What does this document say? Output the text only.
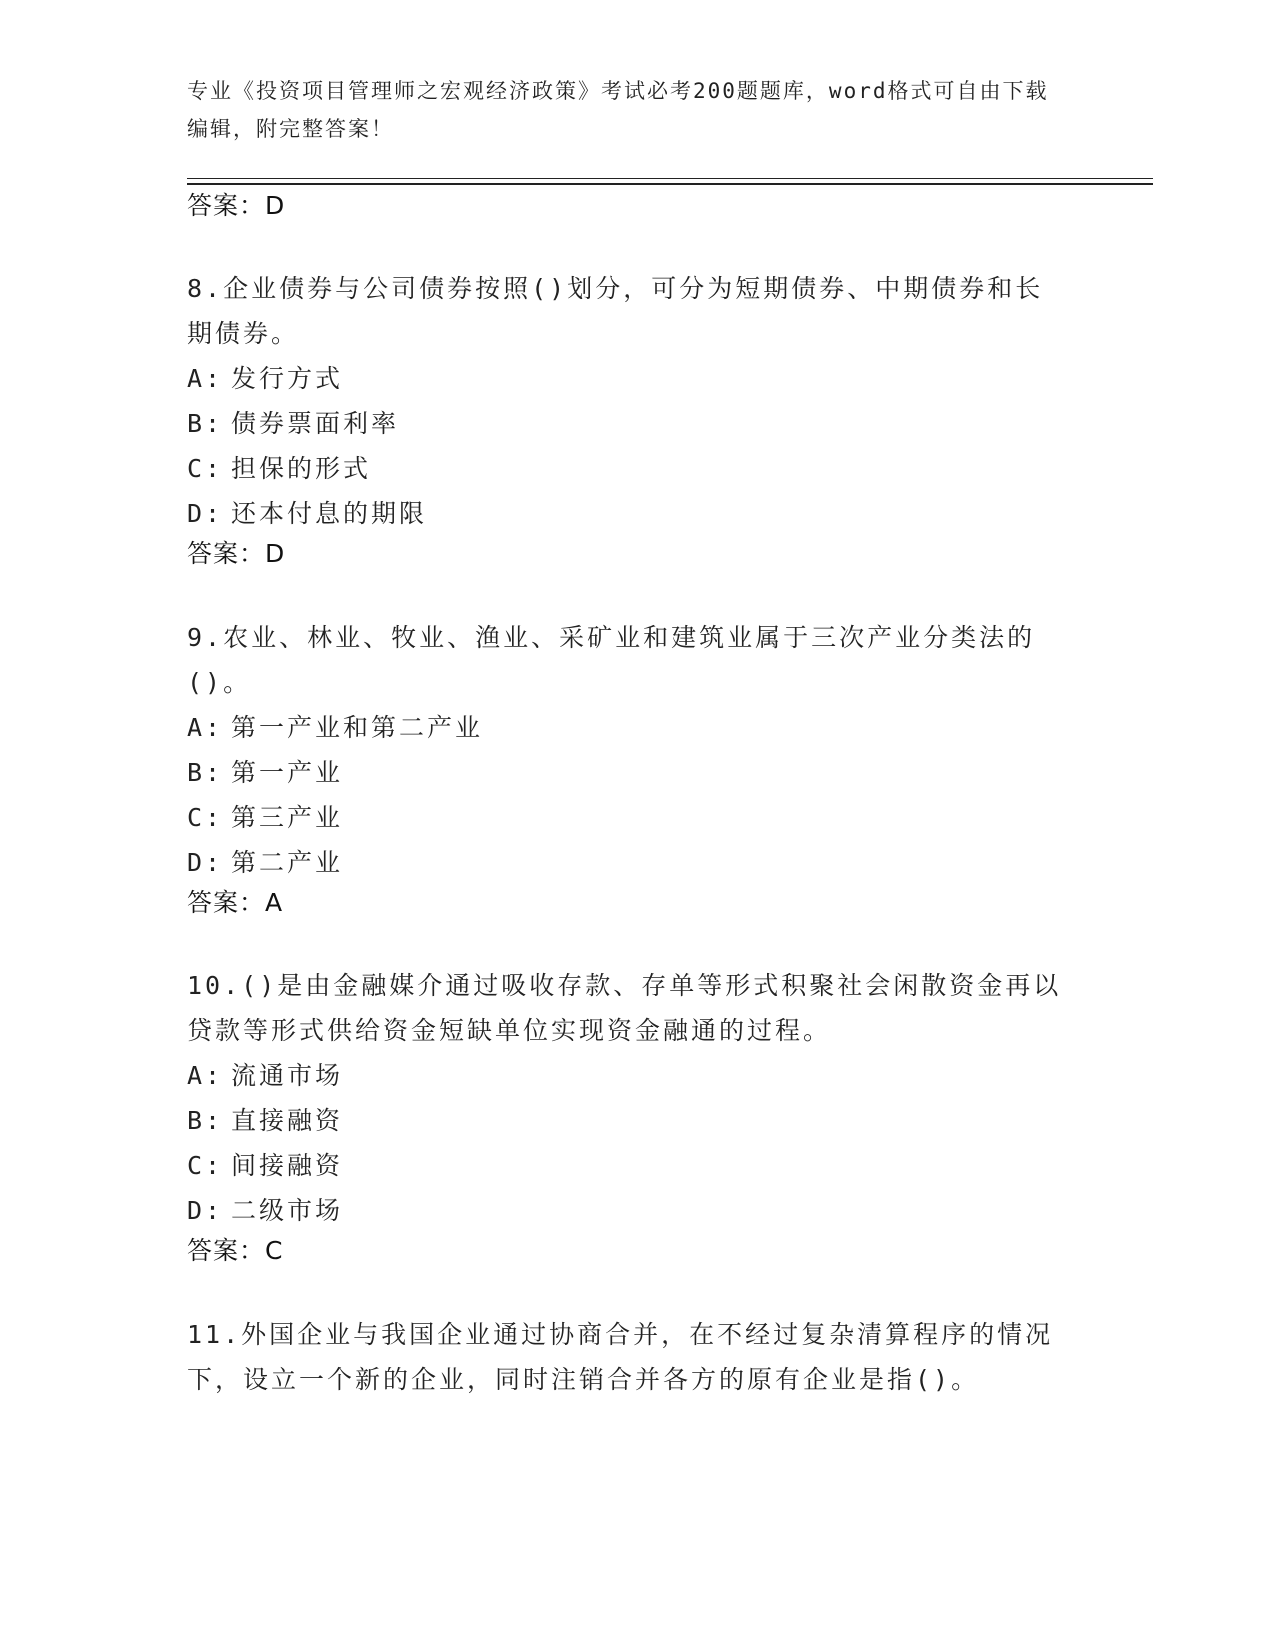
专业《投资项目管理师之宏观经济政策》考试必考200题题库，word格式可自由下载编辑，附完整答案！
答案：D
8.企业债券与公司债券按照()划分，可分为短期债券、中期债券和长期债券。
A: 发行方式
B: 债券票面利率
C: 担保的形式
D: 还本付息的期限
答案：D
9.农业、林业、牧业、渔业、采矿业和建筑业属于三次产业分类法的()。
A: 第一产业和第二产业
B: 第一产业
C: 第三产业
D: 第二产业
答案：A
10.()是由金融媒介通过吸收存款、存单等形式积聚社会闲散资金再以贷款等形式供给资金短缺单位实现资金融通的过程。
A: 流通市场
B: 直接融资
C: 间接融资
D: 二级市场
答案：C
11.外国企业与我国企业通过协商合并，在不经过复杂清算程序的情况下，设立一个新的企业，同时注销合并各方的原有企业是指()。
